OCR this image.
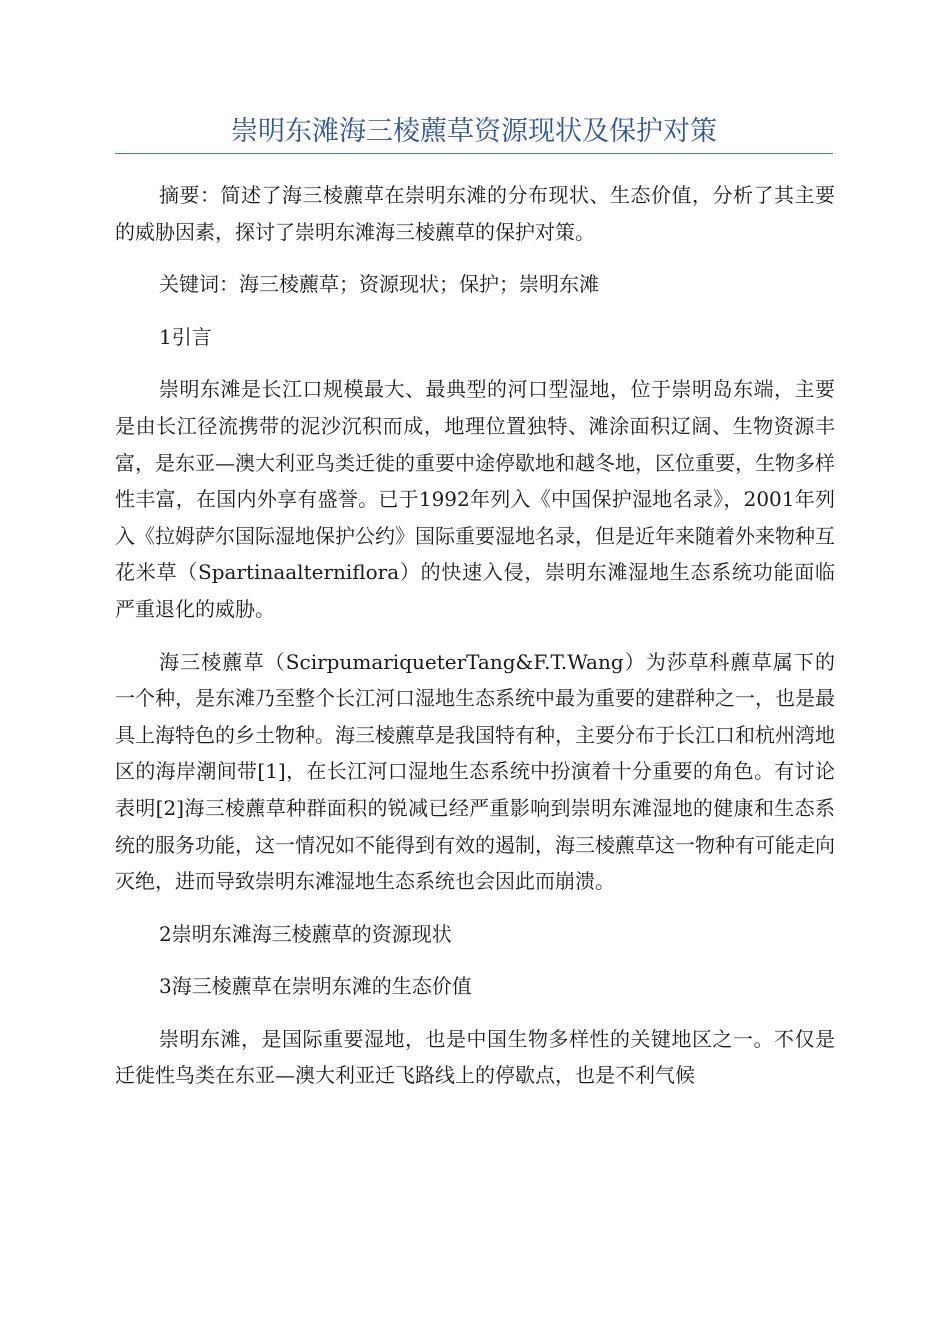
崇明东滩海三棱藨草资源现状及保护对策

摘要：简述了海三棱藨草在崇明东滩的分布现状、生态价值，分析了其主要的威胁因素，探讨了崇明东滩海三棱藨草的保护对策。

关键词：海三棱藨草；资源现状；保护；崇明东滩

1引言

崇明东滩是长江口规模最大、最典型的河口型湿地，位于崇明岛东端，主要是由长江径流携带的泥沙沉积而成，地理位置独特、滩涂面积辽阔、生物资源丰富，是东亚—澳大利亚鸟类迁徙的重要中途停歇地和越冬地，区位重要，生物多样性丰富，在国内外享有盛誉。已于1992年列入《中国保护湿地名录》，2001年列入《拉姆萨尔国际湿地保护公约》国际重要湿地名录，但是近年来随着外来物种互花米草（Spartinaalterniflora）的快速入侵，崇明东滩湿地生态系统功能面临严重退化的威胁。

海三棱藨草（ScirpumariqueterTang&F.T.Wang）为莎草科藨草属下的一个种，是东滩乃至整个长江河口湿地生态系统中最为重要的建群种之一，也是最具上海特色的乡土物种。海三棱藨草是我国特有种，主要分布于长江口和杭州湾地区的海岸潮间带[1]，在长江河口湿地生态系统中扮演着十分重要的角色。有讨论表明[2]海三棱藨草种群面积的锐减已经严重影响到崇明东滩湿地的健康和生态系统的服务功能，这一情况如不能得到有效的遏制，海三棱藨草这一物种有可能走向灭绝，进而导致崇明东滩湿地生态系统也会因此而崩溃。

2崇明东滩海三棱藨草的资源现状

3海三棱藨草在崇明东滩的生态价值

崇明东滩，是国际重要湿地，也是中国生物多样性的关键地区之一。不仅是迁徙性鸟类在东亚—澳大利亚迁飞路线上的停歇点，也是不利气候
